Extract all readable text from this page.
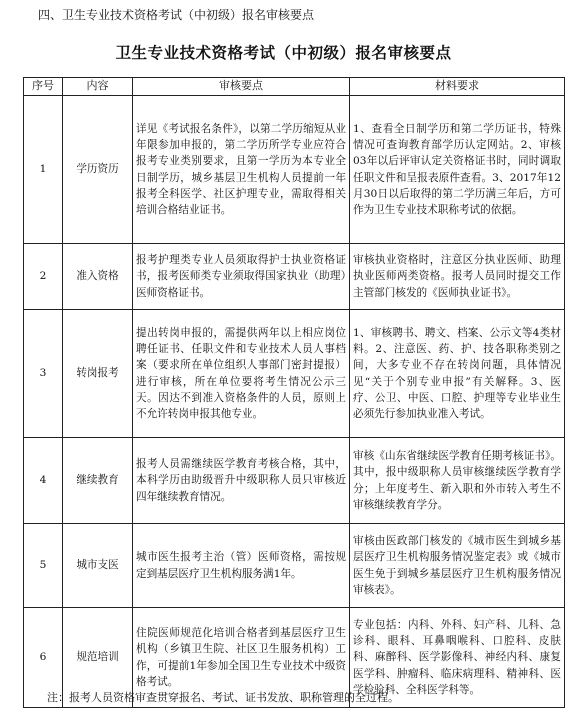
四、卫生专业技术资格考试（中初级）报名审核要点
卫生专业技术资格考试（中初级）报名审核要点
序号	内容	审核要点	材料要求
1	学历资历	详见《考试报名条件》，以第二学历缩短从业年限参加申报的，第二学历所学专业应符合报考专业类别要求，且第一学历为本专业全日制学历，城乡基层卫生机构人员提前一年报考全科医学、社区护理专业，需取得相关培训合格结业证书。	1、查看全日制学历和第二学历证书，特殊情况可查询教育部学历认定网站。2、审核03年以后评审认定关资格证书时，同时调取任职文件和呈报表原件查看。3、2017年12月30日以后取得的第二学历满三年后，方可作为卫生专业技术职称考试的依据。
2	准入资格	报考护理类专业人员须取得护士执业资格证书，报考医师类专业须取得国家执业（助理）医师资格证书。	审核执业资格时，注意区分执业医师、助理执业医师两类资格。报考人员同时提交工作主管部门核发的《医师执业证书》。
3	转岗报考	提出转岗申报的，需提供两年以上相应岗位聘任证书、任职文件和专业技术人员人事档案（要求所在单位组织人事部门密封提报）进行审核，所在单位要将考生情况公示三天。因达不到准入资格条件的人员，原则上不允许转岗申报其他专业。	1、审核聘书、聘文、档案、公示文等4类材料。2、注意医、药、护、技各职称类别之间，大多专业不存在转岗问题，具体情况见“关于个别专业申报”有关解释。3、医疗、公卫、中医、口腔、护理等专业毕业生必须先行参加执业准入考试。
4	继续教育	报考人员需继续医学教育考核合格，其中，本科学历由助级晋升中级职称人员只审核近四年继续教育情况。	审核《山东省继续医学教育任期考核证书》。其中，报中级职称人员审核继续医学教育学分；上年度考生、新入职和外市转入考生不审核继续教育学分。
5	城市支医	城市医生报考主治（管）医师资格，需按规定到基层医疗卫生机构服务满1年。	审核由医政部门核发的《城市医生到城乡基层医疗卫生机构服务情况鉴定表》或《城市医生免于到城乡基层医疗卫生机构服务情况审核表》。
6	规范培训	住院医师规范化培训合格者到基层医疗卫生机构（乡镇卫生院、社区卫生服务机构）工作，可提前1年参加全国卫生专业技术中级资格考试。	专业包括：内科、外科、妇产科、儿科、急诊科、眼科、耳鼻咽喉科、口腔科、皮肤科、麻醉科、医学影像科、神经内科、康复医学科、肿瘤科、临床病理科、精神科、医学检验科、全科医学科等。
注：报考人员资格审查贯穿报名、考试、证书发放、职称管理的全过程。
